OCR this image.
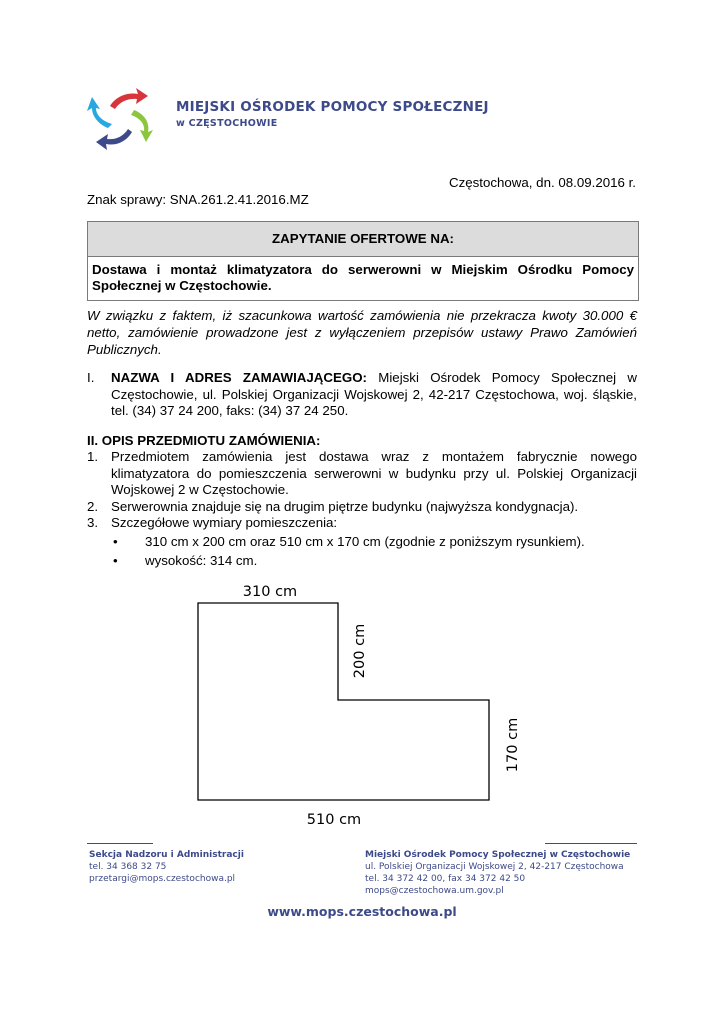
MIEJSKI OŚRODEK POMOCY SPOŁECZNEJ
w CZĘSTOCHOWIE
Częstochowa, dn. 08.09.2016 r.
Znak sprawy: SNA.261.2.41.2016.MZ
ZAPYTANIE OFERTOWE NA:
Dostawa i montaż klimatyzatora do serwerowni w Miejskim Ośrodku Pomocy Społecznej w Częstochowie.
W związku z faktem, iż szacunkowa wartość zamówienia nie przekracza kwoty 30.000 € netto, zamówienie prowadzone jest z wyłączeniem przepisów ustawy Prawo Zamówień Publicznych.
I. NAZWA I ADRES ZAMAWIAJĄCEGO: Miejski Ośrodek Pomocy Społecznej w Częstochowie, ul. Polskiej Organizacji Wojskowej 2, 42-217 Częstochowa, woj. śląskie, tel. (34) 37 24 200, faks: (34) 37 24 250.
II. OPIS PRZEDMIOTU ZAMÓWIENIA:
1. Przedmiotem zamówienia jest dostawa wraz z montażem fabrycznie nowego klimatyzatora do pomieszczenia serwerowni w budynku przy ul. Polskiej Organizacji Wojskowej 2 w Częstochowie.
2. Serwerownia znajduje się na drugim piętrze budynku (najwyższa kondygnacja).
3. Szczegółowe wymiary pomieszczenia:
• 310 cm x 200 cm oraz 510 cm x 170 cm (zgodnie z poniższym rysunkiem).
• wysokość: 314 cm.
310 cm
200 cm
170 cm
510 cm
Sekcja Nadzoru i Administracji
tel. 34 368 32 75
przetargi@mops.czestochowa.pl
Miejski Ośrodek Pomocy Społecznej w Częstochowie
ul. Polskiej Organizacji Wojskowej 2, 42-217 Częstochowa
tel. 34 372 42 00, fax 34 372 42 50
mops@czestochowa.um.gov.pl
www.mops.czestochowa.pl
